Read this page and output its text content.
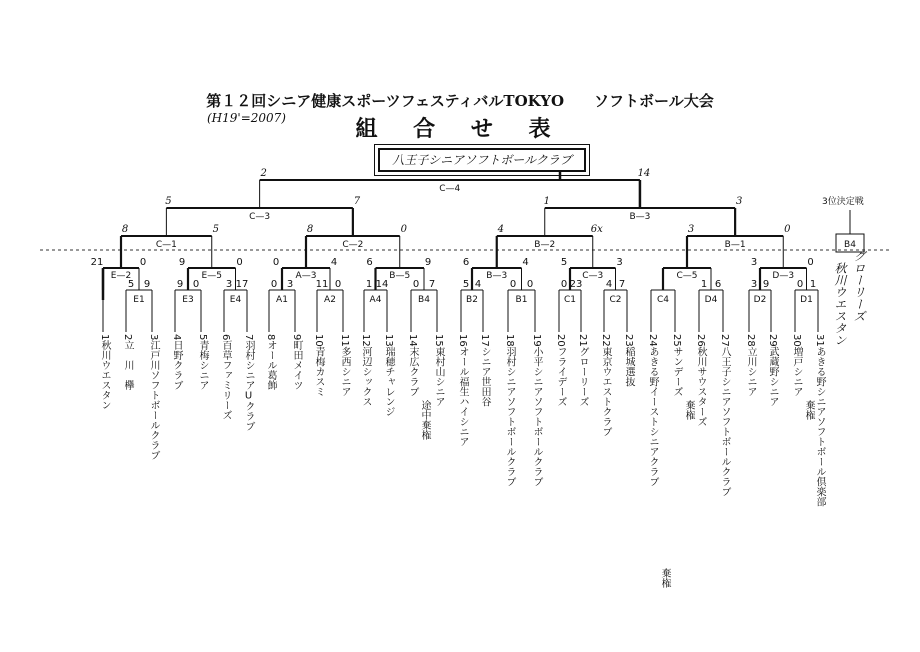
第１２回シニア健康スポーツフェスティバルTOKYO　　ソフトボール大会
組 合 せ 表
(H19'=2007)
八王子シニアソフトボールクラブ
3位決定戦
E1
5 9
E3
9 0
E4
3 17
A1
0 3
A2
11 0
A4
1 14
B4
0 7
B2
5 4
B1
0 0
C1
0 23
C2
4 7
C4	D4
1 6
D2
3 9
D1
0 1
E—2
21	0
E—5
9	0
A—3
0	4
B—5
6	9
B—3
6	4
C—3
5	3
C—5	D—3
3	0
C—1
8	5
C—2
8	0
B—2
4	6x
B—1
3	0
C—3
5	7
B—3
1	3
C—4
2	14
B4
1秋川ウエスタン
2立　川　欅
3江戸川ソフトボールクラブ
4日野クラブ
5青梅シニア
6百草ファミリーズ
7羽村シニアUクラブ
8オール葛飾
9町田メイツ
10青梅カスミ
11多西シニア
12河辺シックス
13瑞穂チャレンジ
14末広クラブ
15東村山シニア
16オール福生ハイシニア
17シニア世田谷
18羽村シニアソフトボールクラブ
19小平シニアソフトボールクラブ
20フライデーズ
21グローリーズ
22東京ウエストクラブ
23稲城選抜
24あきる野イーストシニアクラブ
25サンデーズ
26秋川サウスターズ
27八王子シニアソフトボールクラブ
28立川シニア
29武蔵野シニア
30増戸シニア
31あきる野シニアソフトボール倶楽部
途中棄権
棄権
棄権	棄権
秋川ウエスタン グローリーズ
